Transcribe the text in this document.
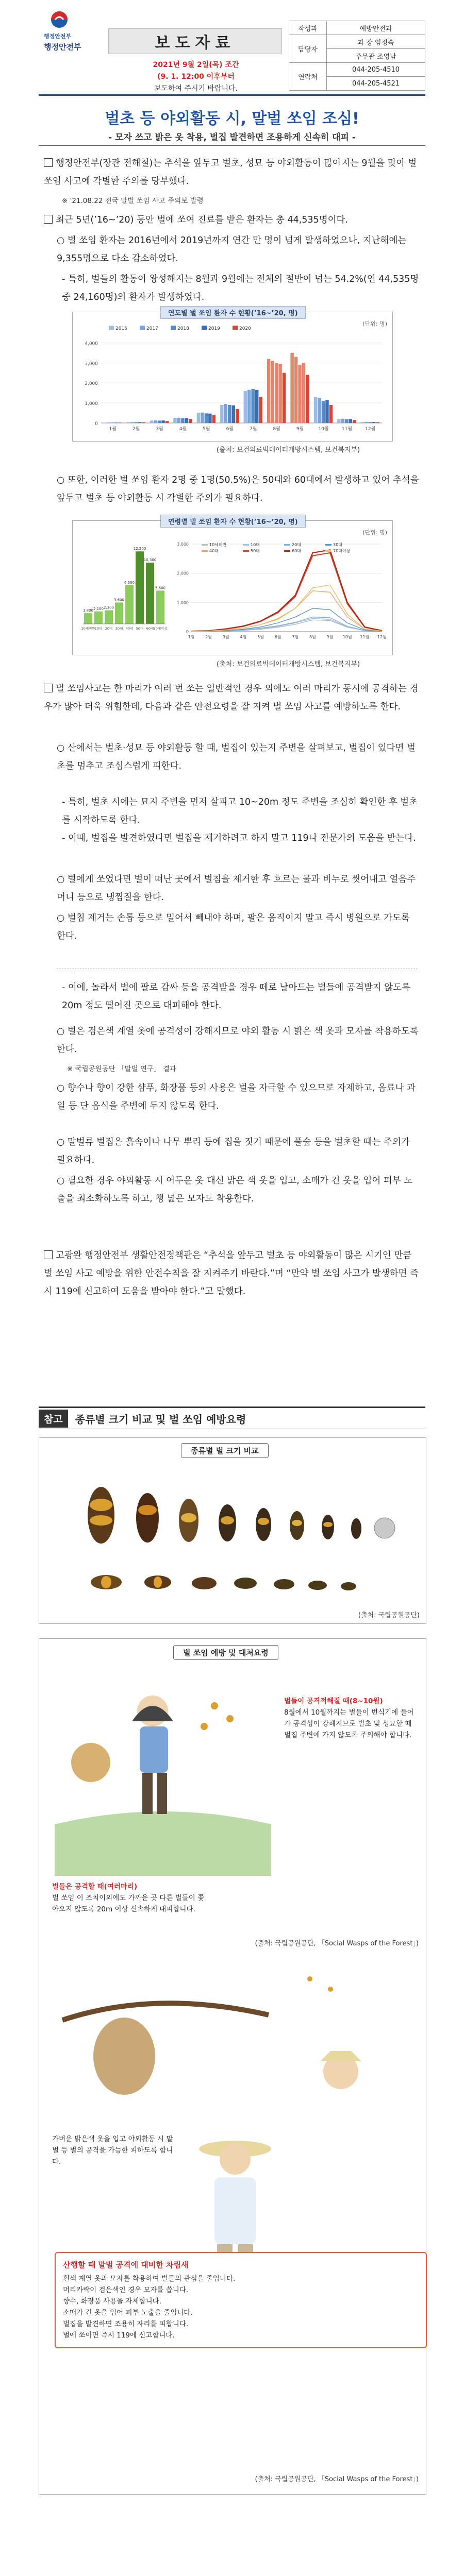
행정안전부
행정안전부	보도자료
2021년 9월 2일(목) 조간
(9. 1. 12:00 이후부터
보도하여 주시기 바랍니다.
작성과	예방안전과
담당자	과 장 임정숙
	주무관 조영남
연락처	044-205-4510
	044-205-4521
벌초 등 야외활동 시, 말벌 쏘임 조심!
- 모자 쓰고 밝은 옷 착용, 벌집 발견하면 조용하게 신속히 대피 -
행정안전부(장관 전해철)는 추석을 앞두고 벌초, 성묘 등 야외활동이 많아지는 9월을 맞아 벌 쏘임 사고에 각별한 주의를 당부했다.
※ '21.08.22 전국 말벌 쏘임 사고 주의보 발령
최근 5년(’16~’20) 동안 벌에 쏘여 진료를 받은 환자는 총 44,535명이다.
○ 벌 쏘임 환자는 2016년에서 2019년까지 연간 만 명이 넘게 발생하였으나, 지난해에는 9,355명으로 다소 감소하였다.
- 특히, 벌들의 활동이 왕성해지는 8월과 9월에는 전체의 절반이 넘는 54.2%(연 44,535명 중 24,160명)의 환자가 발생하였다.
연도별 벌 쏘임 환자 수 현황(’16~’20, 명)
(단위: 명)
0
1,000
2,000
3,000
4,000
1월	2월	3월	4월	5월	6월	7월	8월	9월	10월	11월	12월
2016	2017	2018	2019	2020
(출처: 보건의료빅데이터개방시스템, 보건복지부)
○ 또한, 이러한 벌 쏘임 환자 2명 중 1명(50.5%)은 50대와 60대에서 발생하고 있어 추석을 앞두고 벌초 등 야외활동 시 각별한 주의가 필요하다.
연령별 벌 쏘임 환자 수 현황(’16~’20, 명)
(단위: 명)
1,800
10세미만
2,100
10대
2,300
20대
3,600
30대
6,500
40대
12,200
50대
10,300
60대
5,600
70대이상
0
1,000
2,000
3,000
1월	2월	3월	4월	5월	6월	7월	8월	9월 10월 11월 12월
10세미만	10대	20대	30대
40대	50대	60대	70대이상
(출처: 보건의료빅데이터개방시스템, 보건복지부)
벌 쏘임사고는 한 마리가 여러 번 쏘는 일반적인 경우 외에도 여러 마리가 동시에 공격하는 경우가 많아 더욱 위험한데, 다음과 같은 안전요령을 잘 지켜 벌 쏘임 사고를 예방하도록 한다.
○ 산에서는 벌초·성묘 등 야외활동 할 때, 벌집이 있는지 주변을 살펴보고, 벌집이 있다면 벌초를 멈추고 조심스럽게 피한다.
- 특히, 벌초 시에는 묘지 주변을 먼저 살피고 10~20m 정도 주변을 조심히 확인한 후 벌초를 시작하도록 한다.
- 이때, 벌집을 발견하였다면 벌집을 제거하려고 하지 말고 119나 전문가의 도움을 받는다.
○ 벌에게 쏘였다면 벌이 떠난 곳에서 벌침을 제거한 후 흐르는 물과 비누로 씻어내고 얼음주머니 등으로 냉찜질을 한다.
○ 벌침 제거는 손톱 등으로 밀어서 빼내야 하며, 팔은 움직이지 말고 즉시 병원으로 가도록 한다.
- 이에, 놀라서 벌에 팔로 감싸 등을 공격받을 경우 떼로 날아드는 벌들에 공격받지 않도록 20m 정도 떨어진 곳으로 대피해야 한다.
○ 벌은 검은색 계열 옷에 공격성이 강해지므로 야외 활동 시 밝은 색 옷과 모자를 착용하도록 한다.
※ 국립공원공단 「말벌 연구」 결과
○ 향수나 향이 강한 샴푸, 화장품 등의 사용은 벌을 자극할 수 있으므로 자제하고, 음료나 과일 등 단 음식을 주변에 두지 않도록 한다.
○ 말벌류 벌집은 흙속이나 나무 뿌리 등에 집을 짓기 때문에 풀숲 등을 벌초할 때는 주의가 필요하다.
○ 필요한 경우 야외활동 시 어두운 옷 대신 밝은 색 옷을 입고, 소매가 긴 옷을 입어 피부 노출을 최소화하도록 하고, 챙 넓은 모자도 착용한다.
고광완 행정안전부 생활안전정책관은 “추석을 앞두고 벌초 등 야외활동이 많은 시기인 만큼 벌 쏘임 사고 예방을 위한 안전수칙을 잘 지켜주기 바란다.”며 “만약 벌 쏘임 사고가 발생하면 즉시 119에 신고하여 도움을 받아야 한다.”고 말했다.
참고	종류별 크기 비교 및 벌 쏘임 예방요령
종류별 벌 크기 비교
(출처: 국립공원공단)
벌 쏘임 예방 및 대처요령
벌들이 공격적해질 때(8~10월)
8월에서 10월까지는 벌들이 번식기에 들어가 공격성이 강해지므로 벌초 및 성묘할 때 벌집 주변에 가지 않도록 주의해야 합니다.
벌들은 공격할 때(여러마리)
벌 쏘임 이 조치이외에도 가까운 곳 다른 벌들이 쫓아오지 않도록 20m 이상 신속하게 대피합니다.
(출처: 국립공원공단, 「Social Wasps of the Forest」)
가벼운 밝은색 옷을 입고 야외활동 시 말벌 등 벌의 공격을 가능한 피하도록 합니다.
산행할 때 말벌 공격에 대비한 차림새
흰색 계열 옷과 모자를 착용하여 벌들의 관심을 줄입니다.
머리카락이 검은색인 경우 모자를 씁니다.
향수, 화장품 사용을 자제합니다.
소매가 긴 옷을 입어 피부 노출을 줄입니다.
벌집을 발견하면 조용히 자리를 피합니다.
벌에 쏘이면 즉시 119에 신고합니다.
(출처: 국립공원공단, 「Social Wasps of the Forest」)
